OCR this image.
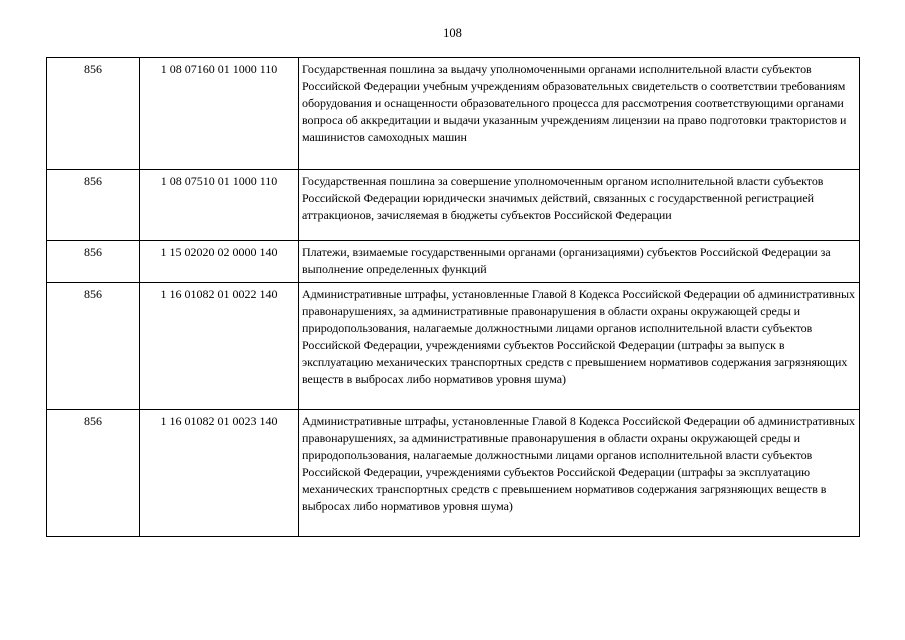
108
856	1 08 07160 01 1000 110	Государственная пошлина за выдачу уполномоченными органами исполнительной власти субъектов Российской Федерации учебным учреждениям образовательных свидетельств о соответствии требованиям оборудования и оснащенности образовательного процесса для рассмотрения соответствующими органами вопроса об аккредитации и выдачи указанным учреждениям лицензии на право подготовки трактористов и машинистов самоходных машин
856	1 08 07510 01 1000 110	Государственная пошлина за совершение уполномоченным органом исполнительной власти субъектов Российской Федерации юридически значимых действий, связанных с государственной регистрацией аттракционов, зачисляемая в бюджеты субъектов Российской Федерации
856	1 15 02020 02 0000 140	Платежи, взимаемые государственными органами (организациями) субъектов Российской Федерации за выполнение определенных функций
856	1 16 01082 01 0022 140	Административные штрафы, установленные Главой 8 Кодекса Российской Федерации об административных правонарушениях, за административные правонарушения в области охраны окружающей среды и природопользования, налагаемые должностными лицами органов исполнительной власти субъектов Российской Федерации, учреждениями субъектов Российской Федерации (штрафы за выпуск в эксплуатацию механических транспортных средств с превышением нормативов содержания загрязняющих веществ в выбросах либо нормативов уровня шума)
856	1 16 01082 01 0023 140	Административные штрафы, установленные Главой 8 Кодекса Российской Федерации об административных правонарушениях, за административные правонарушения в области охраны окружающей среды и природопользования, налагаемые должностными лицами органов исполнительной власти субъектов Российской Федерации, учреждениями субъектов Российской Федерации (штрафы за эксплуатацию механических транспортных средств с превышением нормативов содержания загрязняющих веществ в выбросах либо нормативов уровня шума)
